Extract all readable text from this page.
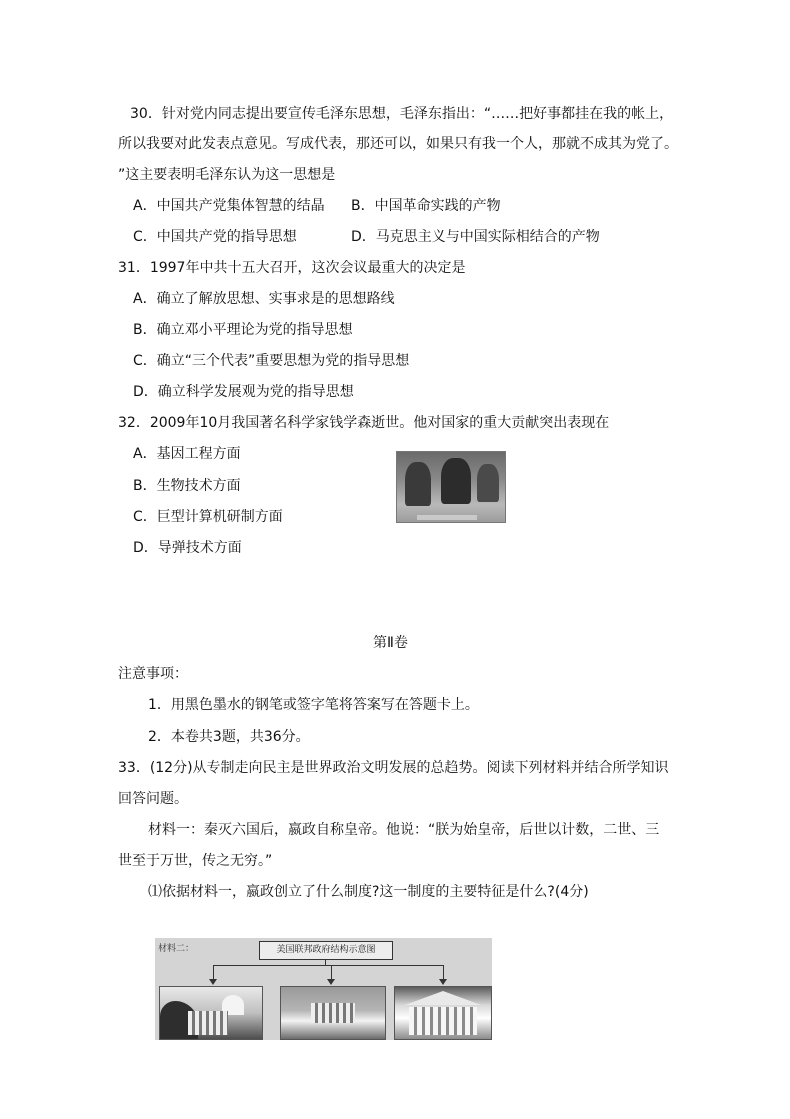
30．针对党内同志提出要宣传毛泽东思想，毛泽东指出：“……把好事都挂在我的帐上，
所以我要对此发表点意见。写成代表，那还可以，如果只有我一个人，那就不成其为党了。
”这主要表明毛泽东认为这一思想是
A．中国共产党集体智慧的结晶 B．中国革命实践的产物
C．中国共产党的指导思想	D．马克思主义与中国实际相结合的产物
31．1997年中共十五大召开，这次会议最重大的决定是
A．确立了解放思想、实事求是的思想路线
B．确立邓小平理论为党的指导思想
C．确立“三个代表”重要思想为党的指导思想
D．确立科学发展观为党的指导思想
32．2009年10月我国著名科学家钱学森逝世。他对国家的重大贡献突出表现在
A．基因工程方面
B．生物技术方面
C．巨型计算机研制方面
D．导弹技术方面
第Ⅱ卷
注意事项：
1．用黑色墨水的钢笔或签字笔将答案写在答题卡上。
2．本卷共3题，共36分。
33．(12分)从专制走向民主是世界政治文明发展的总趋势。阅读下列材料并结合所学知识
回答问题。
材料一：秦灭六国后，嬴政自称皇帝。他说：“朕为始皇帝，后世以计数，二世、三
世至于万世，传之无穷。”
⑴依据材料一，嬴政创立了什么制度?这一制度的主要特征是什么?(4分)
材料二：	美国联邦政府结构示意图
